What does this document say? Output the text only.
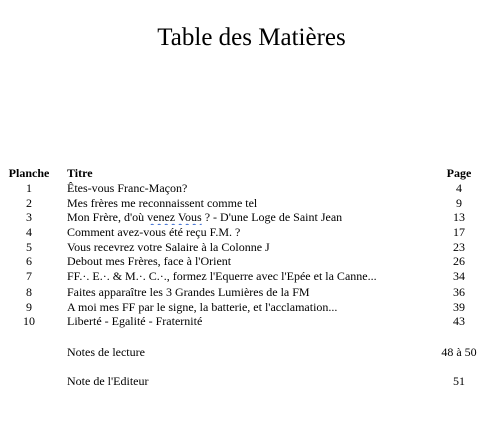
Table des Matières
Planche	Titre	Page
1	Êtes-vous Franc-Maçon?	4
2	Mes frères me reconnaissent comme tel	9
3	Mon Frère, d'où venez Vous ? - D'une Loge de Saint Jean	13
4	Comment avez-vous été reçu F.M. ?	17
5	Vous recevrez votre Salaire à la Colonne J	23
6	Debout mes Frères, face à l'Orient	26
7	FF.·. E.·. & M.·. C.·., formez l'Equerre avec l'Epée et la Canne...	34
8	Faites apparaître les 3 Grandes Lumières de la FM	36
9	A moi mes FF par le signe, la batterie, et l'acclamation...	39
10	Liberté - Egalité - Fraternité	43
Notes de lecture	48 à 50
Note de l'Editeur	51
